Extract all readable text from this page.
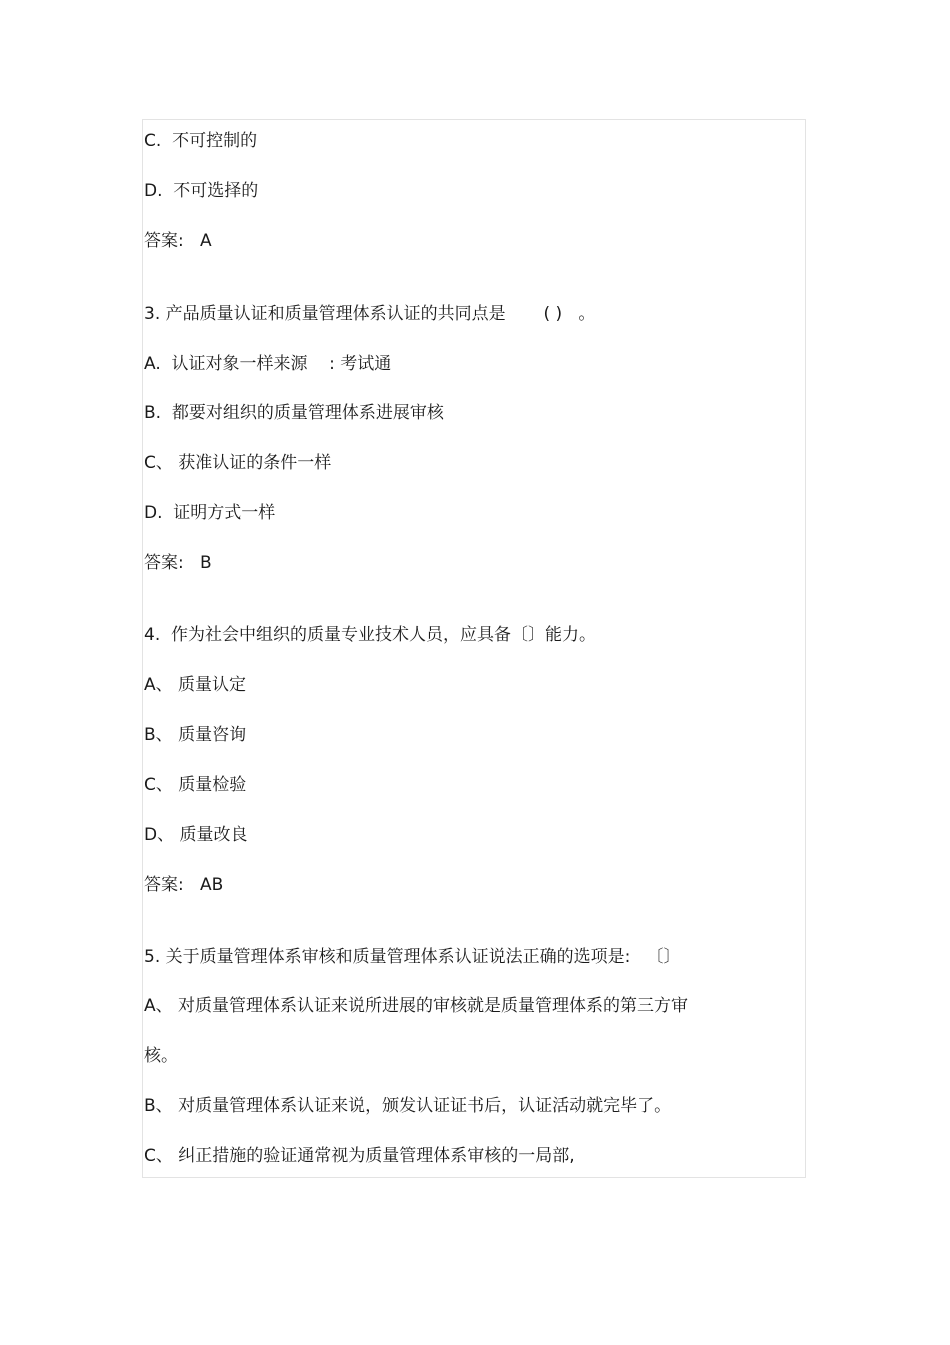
C.  不可控制的

D.  不可选择的

答案:   A

3. 产品质量认证和质量管理体系认证的共同点是       ( )   。

A.  认证对象一样来源    : 考试通

B.  都要对组织的质量管理体系进展审核

C、 获准认证的条件一样

D.  证明方式一样

答案:   B

4.  作为社会中组织的质量专业技术人员，应具备〔〕能力。

A、 质量认定

B、 质量咨询

C、 质量检验

D、 质量改良

答案:   AB

5. 关于质量管理体系审核和质量管理体系认证说法正确的选项是:   〔〕

A、 对质量管理体系认证来说所进展的审核就是质量管理体系的第三方审

核。

B、 对质量管理体系认证来说，颁发认证证书后，认证活动就完毕了。

C、 纠正措施的验证通常视为质量管理体系审核的一局部,
